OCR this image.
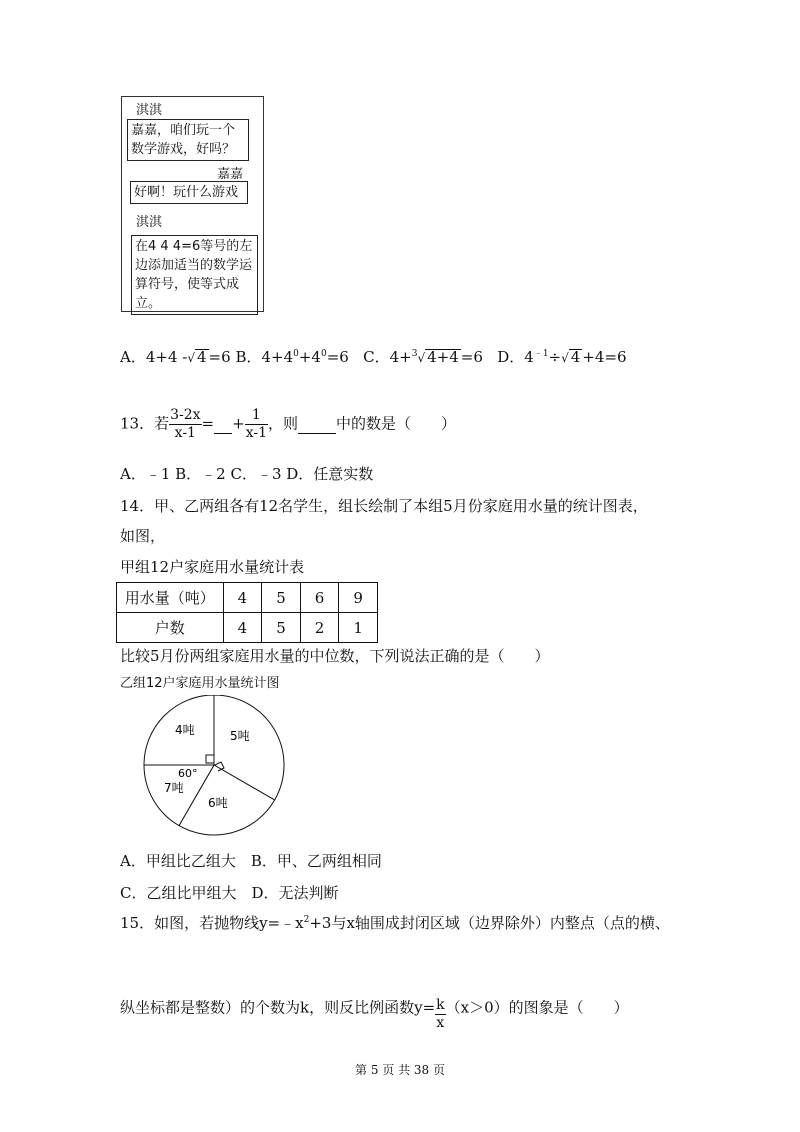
淇淇
嘉嘉，咱们玩一个
数学游戏，好吗？
嘉嘉
好啊！玩什么游戏
淇淇
在4 4 4=6等号的左
边添加适当的数学运
算符号，使等式成
立。
A．4+4 -√ 4 =6 B．$4+4^0+4^0=6$ C．4+$^3$√ 4+4 =6 D．$4^{﹣1}\div√$ 4 +4=6
13．若 $\frac{3-2x}{x-1}$ = + $\frac{1}{x-1}$ ，则	中的数是（　　）
A．﹣1 B．﹣2 C．﹣3 D．任意实数
14．甲、乙两组各有12名学生，组长绘制了本组5月份家庭用水量的统计图表，
如图，
甲组12户家庭用水量统计表
用水量（吨）	4	5	6	9
户数	4	5	2	1
比较5月份两组家庭用水量的中位数，下列说法正确的是（　　）
乙组12户家庭用水量统计图
4吨	5吨
6吨
7吨
60°
A．甲组比乙组大　B．甲、乙两组相同
C．乙组比甲组大　D．无法判断
15．如图，若抛物线$y=﹣x^2+3$与x轴围成封闭区域（边界除外）内整点（点的横、
纵坐标都是整数）的个数为k，则反比例函数$y= \frac{k}{x} (x>0)$的图象是（　　）
第 5 页 共 38 页
